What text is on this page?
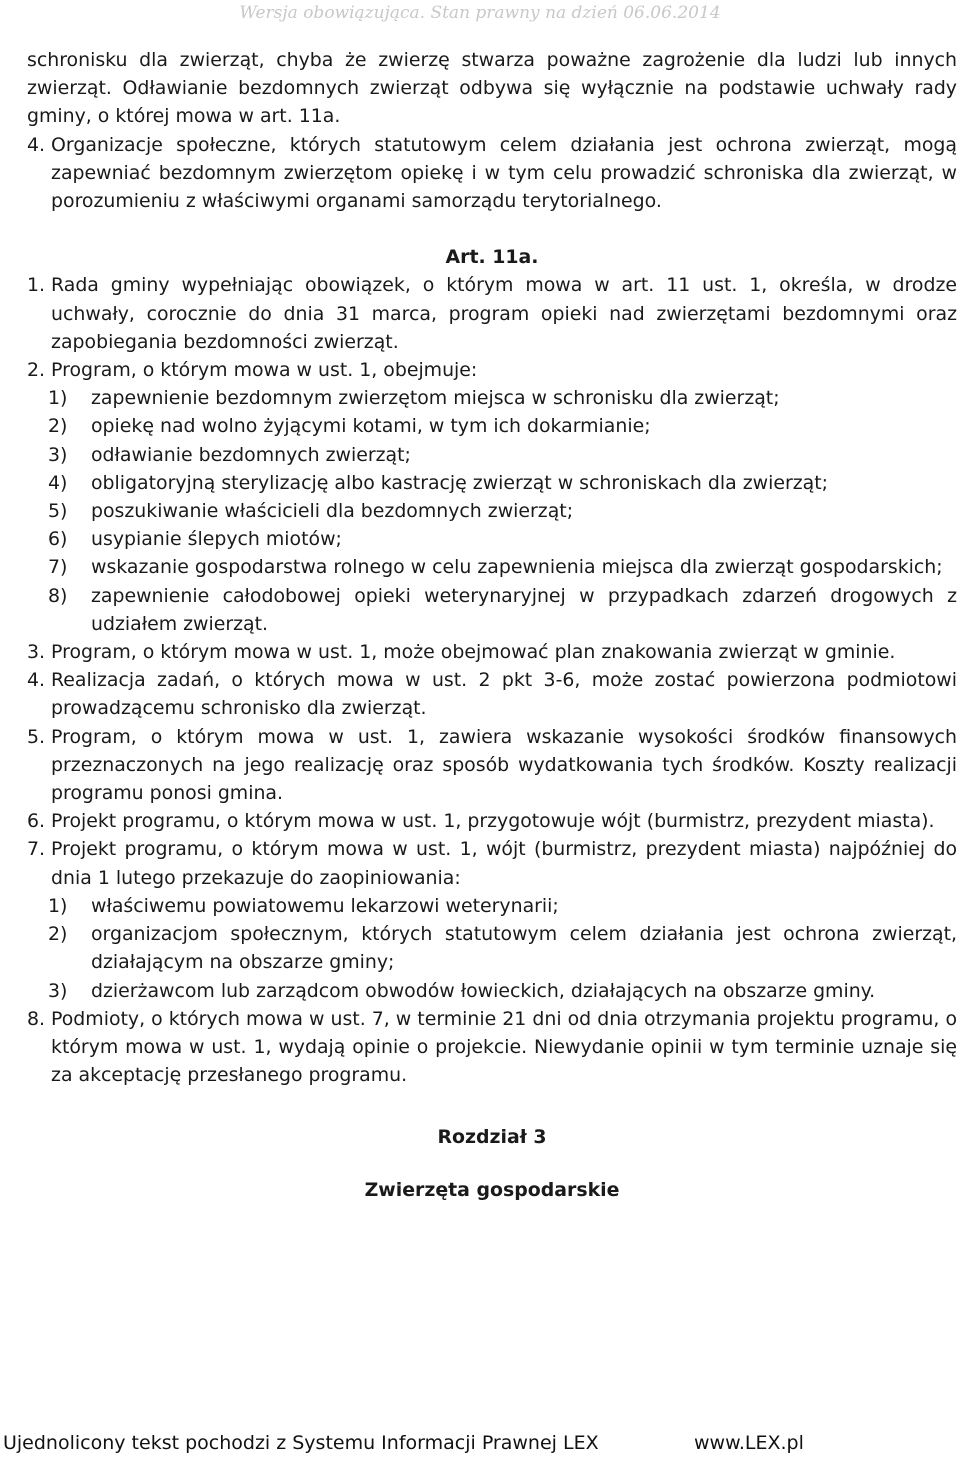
Wersja obowiązująca. Stan prawny na dzień 06.06.2014
schronisku dla zwierząt, chyba że zwierzę stwarza poważne zagrożenie dla ludzi lub innych zwierząt. Odławianie bezdomnych zwierząt odbywa się wyłącznie na podstawie uchwały rady gminy, o której mowa w art. 11a.
4. Organizacje społeczne, których statutowym celem działania jest ochrona zwierząt, mogą zapewniać bezdomnym zwierzętom opiekę i w tym celu prowadzić schroniska dla zwierząt, w porozumieniu z właściwymi organami samorządu terytorialnego.
Art. 11a.
1. Rada gminy wypełniając obowiązek, o którym mowa w art. 11 ust. 1, określa, w drodze uchwały, corocznie do dnia 31 marca, program opieki nad zwierzętami bezdomnymi oraz zapobiegania bezdomności zwierząt.
2. Program, o którym mowa w ust. 1, obejmuje:
1)	zapewnienie bezdomnym zwierzętom miejsca w schronisku dla zwierząt;
2)	opiekę nad wolno żyjącymi kotami, w tym ich dokarmianie;
3)	odławianie bezdomnych zwierząt;
4)	obligatoryjną sterylizację albo kastrację zwierząt w schroniskach dla zwierząt;
5)	poszukiwanie właścicieli dla bezdomnych zwierząt;
6)	usypianie ślepych miotów;
7)	wskazanie gospodarstwa rolnego w celu zapewnienia miejsca dla zwierząt gospodarskich;
8)	zapewnienie całodobowej opieki weterynaryjnej w przypadkach zdarzeń drogowych z udziałem zwierząt.
3. Program, o którym mowa w ust. 1, może obejmować plan znakowania zwierząt w gminie.
4. Realizacja zadań, o których mowa w ust. 2 pkt 3-6, może zostać powierzona podmiotowi prowadzącemu schronisko dla zwierząt.
5. Program, o którym mowa w ust. 1, zawiera wskazanie wysokości środków finansowych przeznaczonych na jego realizację oraz sposób wydatkowania tych środków. Koszty realizacji programu ponosi gmina.
6. Projekt programu, o którym mowa w ust. 1, przygotowuje wójt (burmistrz, prezydent miasta).
7. Projekt programu, o którym mowa w ust. 1, wójt (burmistrz, prezydent miasta) najpóźniej do dnia 1 lutego przekazuje do zaopiniowania:
1)	właściwemu powiatowemu lekarzowi weterynarii;
2)	organizacjom społecznym, których statutowym celem działania jest ochrona zwierząt, działającym na obszarze gminy;
3)	dzierżawcom lub zarządcom obwodów łowieckich, działających na obszarze gminy.
8. Podmioty, o których mowa w ust. 7, w terminie 21 dni od dnia otrzymania projektu programu, o którym mowa w ust. 1, wydają opinie o projekcie. Niewydanie opinii w tym terminie uznaje się za akceptację przesłanego programu.
Rozdział 3
Zwierzęta gospodarskie
Ujednolicony tekst pochodzi z Systemu Informacji Prawnej LEX	www.LEX.pl
